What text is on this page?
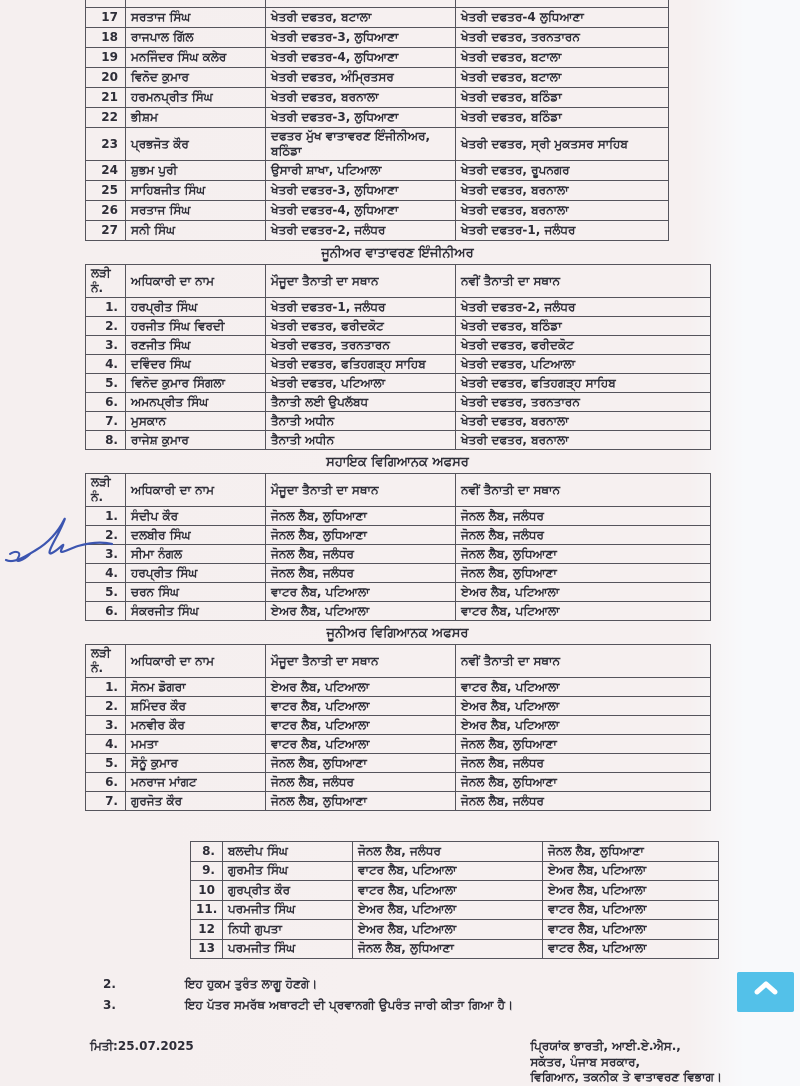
17	ਸਰਤਾਜ ਸਿੰਘ	ਖੇਤਰੀ ਦਫਤਰ, ਬਟਾਲਾ	ਖੇਤਰੀ ਦਫਤਰ-4 ਲੁਧਿਆਣਾ
18	ਰਾਜਪਾਲ ਗਿੱਲ	ਖੇਤਰੀ ਦਫਤਰ-3, ਲੁਧਿਆਣਾ	ਖੇਤਰੀ ਦਫਤਰ, ਤਰਨਤਾਰਨ
19	ਮਨਜਿੰਦਰ ਸਿੰਘ ਕਲੇਰ	ਖੇਤਰੀ ਦਫਤਰ-4, ਲੁਧਿਆਣਾ	ਖੇਤਰੀ ਦਫਤਰ, ਬਟਾਲਾ
20	ਵਿਨੋਦ ਕੁਮਾਰ	ਖੇਤਰੀ ਦਫਤਰ, ਅੰਮ੍ਰਿਤਸਰ	ਖੇਤਰੀ ਦਫਤਰ, ਬਟਾਲਾ
21	ਹਰਮਨਪ੍ਰੀਤ ਸਿੰਘ	ਖੇਤਰੀ ਦਫਤਰ, ਬਰਨਾਲਾ	ਖੇਤਰੀ ਦਫਤਰ, ਬਠਿੰਡਾ
22	ਭੀਸ਼ਮ	ਖੇਤਰੀ ਦਫਤਰ-3, ਲੁਧਿਆਣਾ	ਖੇਤਰੀ ਦਫਤਰ, ਬਠਿੰਡਾ
23	ਪ੍ਰਭਜੋਤ ਕੌਰ	ਦਫਤਰ ਮੁੱਖ ਵਾਤਾਵਰਣ ਇੰਜੀਨੀਅਰ, ਬਠਿੰਡਾ	ਖੇਤਰੀ ਦਫਤਰ, ਸ੍ਰੀ ਮੁਕਤਸਰ ਸਾਹਿਬ
24	ਸ਼ੁਭਮ ਪੁਰੀ	ਉਸਾਰੀ ਸ਼ਾਖਾ, ਪਟਿਆਲਾ	ਖੇਤਰੀ ਦਫਤਰ, ਰੂਪਨਗਰ
25	ਸਾਹਿਬਜੀਤ ਸਿੰਘ	ਖੇਤਰੀ ਦਫਤਰ-3, ਲੁਧਿਆਣਾ	ਖੇਤਰੀ ਦਫਤਰ, ਬਰਨਾਲਾ
26	ਸਰਤਾਜ ਸਿੰਘ	ਖੇਤਰੀ ਦਫਤਰ-4, ਲੁਧਿਆਣਾ	ਖੇਤਰੀ ਦਫਤਰ, ਬਰਨਾਲਾ
27	ਸਨੀ ਸਿੰਘ	ਖੇਤਰੀ ਦਫਤਰ-2, ਜਲੰਧਰ	ਖੇਤਰੀ ਦਫਤਰ-1, ਜਲੰਧਰ
ਜੂਨੀਅਰ ਵਾਤਾਵਰਣ ਇੰਜੀਨੀਅਰ
ਲੜੀ ਨੰ.	ਅਧਿਕਾਰੀ ਦਾ ਨਾਮ	ਮੌਜੂਦਾ ਤੈਨਾਤੀ ਦਾ ਸਥਾਨ	ਨਵੀਂ ਤੈਨਾਤੀ ਦਾ ਸਥਾਨ
1.	ਹਰਪ੍ਰੀਤ ਸਿੰਘ	ਖੇਤਰੀ ਦਫਤਰ-1, ਜਲੰਧਰ	ਖੇਤਰੀ ਦਫਤਰ-2, ਜਲੰਧਰ
2.	ਹਰਜੀਤ ਸਿੰਘ ਵਿਰਦੀ	ਖੇਤਰੀ ਦਫਤਰ, ਫਰੀਦਕੋਟ	ਖੇਤਰੀ ਦਫਤਰ, ਬਠਿੰਡਾ
3.	ਰਣਜੀਤ ਸਿੰਘ	ਖੇਤਰੀ ਦਫਤਰ, ਤਰਨਤਾਰਨ	ਖੇਤਰੀ ਦਫਤਰ, ਫਰੀਦਕੋਟ
4.	ਦਵਿੰਦਰ ਸਿੰਘ	ਖੇਤਰੀ ਦਫਤਰ, ਫਤਿਹਗੜ੍ਹ ਸਾਹਿਬ	ਖੇਤਰੀ ਦਫਤਰ, ਪਟਿਆਲਾ
5.	ਵਿਨੋਦ ਕੁਮਾਰ ਸਿੰਗਲਾ	ਖੇਤਰੀ ਦਫਤਰ, ਪਟਿਆਲਾ	ਖੇਤਰੀ ਦਫਤਰ, ਫਤਿਹਗੜ੍ਹ ਸਾਹਿਬ
6.	ਅਮਨਪ੍ਰੀਤ ਸਿੰਘ	ਤੈਨਾਤੀ ਲਈ ਉਪਲੱਬਧ	ਖੇਤਰੀ ਦਫਤਰ, ਤਰਨਤਾਰਨ
7.	ਮੁਸਕਾਨ	ਤੈਨਾਤੀ ਅਧੀਨ	ਖੇਤਰੀ ਦਫਤਰ, ਬਰਨਾਲਾ
8.	ਰਾਜੇਸ਼ ਕੁਮਾਰ	ਤੈਨਾਤੀ ਅਧੀਨ	ਖੇਤਰੀ ਦਫਤਰ, ਬਰਨਾਲਾ
ਸਹਾਇਕ ਵਿਗਿਆਨਕ ਅਫਸਰ
ਲੜੀ ਨੰ.	ਅਧਿਕਾਰੀ ਦਾ ਨਾਮ	ਮੌਜੂਦਾ ਤੈਨਾਤੀ ਦਾ ਸਥਾਨ	ਨਵੀਂ ਤੈਨਾਤੀ ਦਾ ਸਥਾਨ
1.	ਸੰਦੀਪ ਕੌਰ	ਜੋਨਲ ਲੈਬ, ਲੁਧਿਆਣਾ	ਜੋਨਲ ਲੈਬ, ਜਲੰਧਰ
2.	ਦਲਬੀਰ ਸਿੰਘ	ਜੋਨਲ ਲੈਬ, ਲੁਧਿਆਣਾ	ਜੋਨਲ ਲੈਬ, ਜਲੰਧਰ
3.	ਸੀਮਾ ਨੰਗਲ	ਜੋਨਲ ਲੈਬ, ਜਲੰਧਰ	ਜੋਨਲ ਲੈਬ, ਲੁਧਿਆਣਾ
4.	ਹਰਪ੍ਰੀਤ ਸਿੰਘ	ਜੋਨਲ ਲੈਬ, ਜਲੰਧਰ	ਜੋਨਲ ਲੈਬ, ਲੁਧਿਆਣਾ
5.	ਚਰਨ ਸਿੰਘ	ਵਾਟਰ ਲੈਬ, ਪਟਿਆਲਾ	ਏਅਰ ਲੈਬ, ਪਟਿਆਲਾ
6.	ਸੰਕਰਜੀਤ ਸਿੰਘ	ਏਅਰ ਲੈਬ, ਪਟਿਆਲਾ	ਵਾਟਰ ਲੈਬ, ਪਟਿਆਲਾ
ਜੂਨੀਅਰ ਵਿਗਿਆਨਕ ਅਫਸਰ
ਲੜੀ ਨੰ.	ਅਧਿਕਾਰੀ ਦਾ ਨਾਮ	ਮੌਜੂਦਾ ਤੈਨਾਤੀ ਦਾ ਸਥਾਨ	ਨਵੀਂ ਤੈਨਾਤੀ ਦਾ ਸਥਾਨ
1.	ਸੋਨਮ ਡੋਗਰਾ	ਏਅਰ ਲੈਬ, ਪਟਿਆਲਾ	ਵਾਟਰ ਲੈਬ, ਪਟਿਆਲਾ
2.	ਸ਼ਮਿੰਦਰ ਕੌਰ	ਵਾਟਰ ਲੈਬ, ਪਟਿਆਲਾ	ਏਅਰ ਲੈਬ, ਪਟਿਆਲਾ
3.	ਮਨਵੀਰ ਕੌਰ	ਵਾਟਰ ਲੈਬ, ਪਟਿਆਲਾ	ਏਅਰ ਲੈਬ, ਪਟਿਆਲਾ
4.	ਮਮਤਾ	ਵਾਟਰ ਲੈਬ, ਪਟਿਆਲਾ	ਜੋਨਲ ਲੈਬ, ਲੁਧਿਆਣਾ
5.	ਸੋਨੂੰ ਕੁਮਾਰ	ਜੋਨਲ ਲੈਬ, ਲੁਧਿਆਣਾ	ਜੋਨਲ ਲੈਬ, ਜਲੰਧਰ
6.	ਮਨਰਾਜ ਮਾਂਗਟ	ਜੋਨਲ ਲੈਬ, ਜਲੰਧਰ	ਜੋਨਲ ਲੈਬ, ਲੁਧਿਆਣਾ
7.	ਗੁਰਜੋਤ ਕੌਰ	ਜੋਨਲ ਲੈਬ, ਲੁਧਿਆਣਾ	ਜੋਨਲ ਲੈਬ, ਜਲੰਧਰ
8.	ਬਲਦੀਪ ਸਿੰਘ	ਜੋਨਲ ਲੈਬ, ਜਲੰਧਰ	ਜੋਨਲ ਲੈਬ, ਲੁਧਿਆਣਾ
9.	ਗੁਰਮੀਤ ਸਿੰਘ	ਵਾਟਰ ਲੈਬ, ਪਟਿਆਲਾ	ਏਅਰ ਲੈਬ, ਪਟਿਆਲਾ
10	ਗੁਰਪ੍ਰੀਤ ਕੌਰ	ਵਾਟਰ ਲੈਬ, ਪਟਿਆਲਾ	ਏਅਰ ਲੈਬ, ਪਟਿਆਲਾ
11.	ਪਰਮਜੀਤ ਸਿੰਘ	ਏਅਰ ਲੈਬ, ਪਟਿਆਲਾ	ਵਾਟਰ ਲੈਬ, ਪਟਿਆਲਾ
12	ਨਿਧੀ ਗੁਪਤਾ	ਏਅਰ ਲੈਬ, ਪਟਿਆਲਾ	ਵਾਟਰ ਲੈਬ, ਪਟਿਆਲਾ
13	ਪਰਮਜੀਤ ਸਿੰਘ	ਜੋਨਲ ਲੈਬ, ਲੁਧਿਆਣਾ	ਵਾਟਰ ਲੈਬ, ਪਟਿਆਲਾ
2.	ਇਹ ਹੁਕਮ ਤੁਰੰਤ ਲਾਗੂ ਹੋਣਗੇ।
3.	ਇਹ ਪੱਤਰ ਸਮਰੱਥ ਅਥਾਰਟੀ ਦੀ ਪ੍ਰਵਾਨਗੀ ਉਪਰੰਤ ਜਾਰੀ ਕੀਤਾ ਗਿਆ ਹੈ।
ਮਿਤੀ:25.07.2025	ਪ੍ਰਿਯਾਂਕ ਭਾਰਤੀ, ਆਈ.ਏ.ਐਸ.,
ਸਕੱਤਰ, ਪੰਜਾਬ ਸਰਕਾਰ,
ਵਿਗਿਆਨ, ਤਕਨੀਕ ਤੇ ਵਾਤਾਵਰਣ ਵਿਭਾਗ।
